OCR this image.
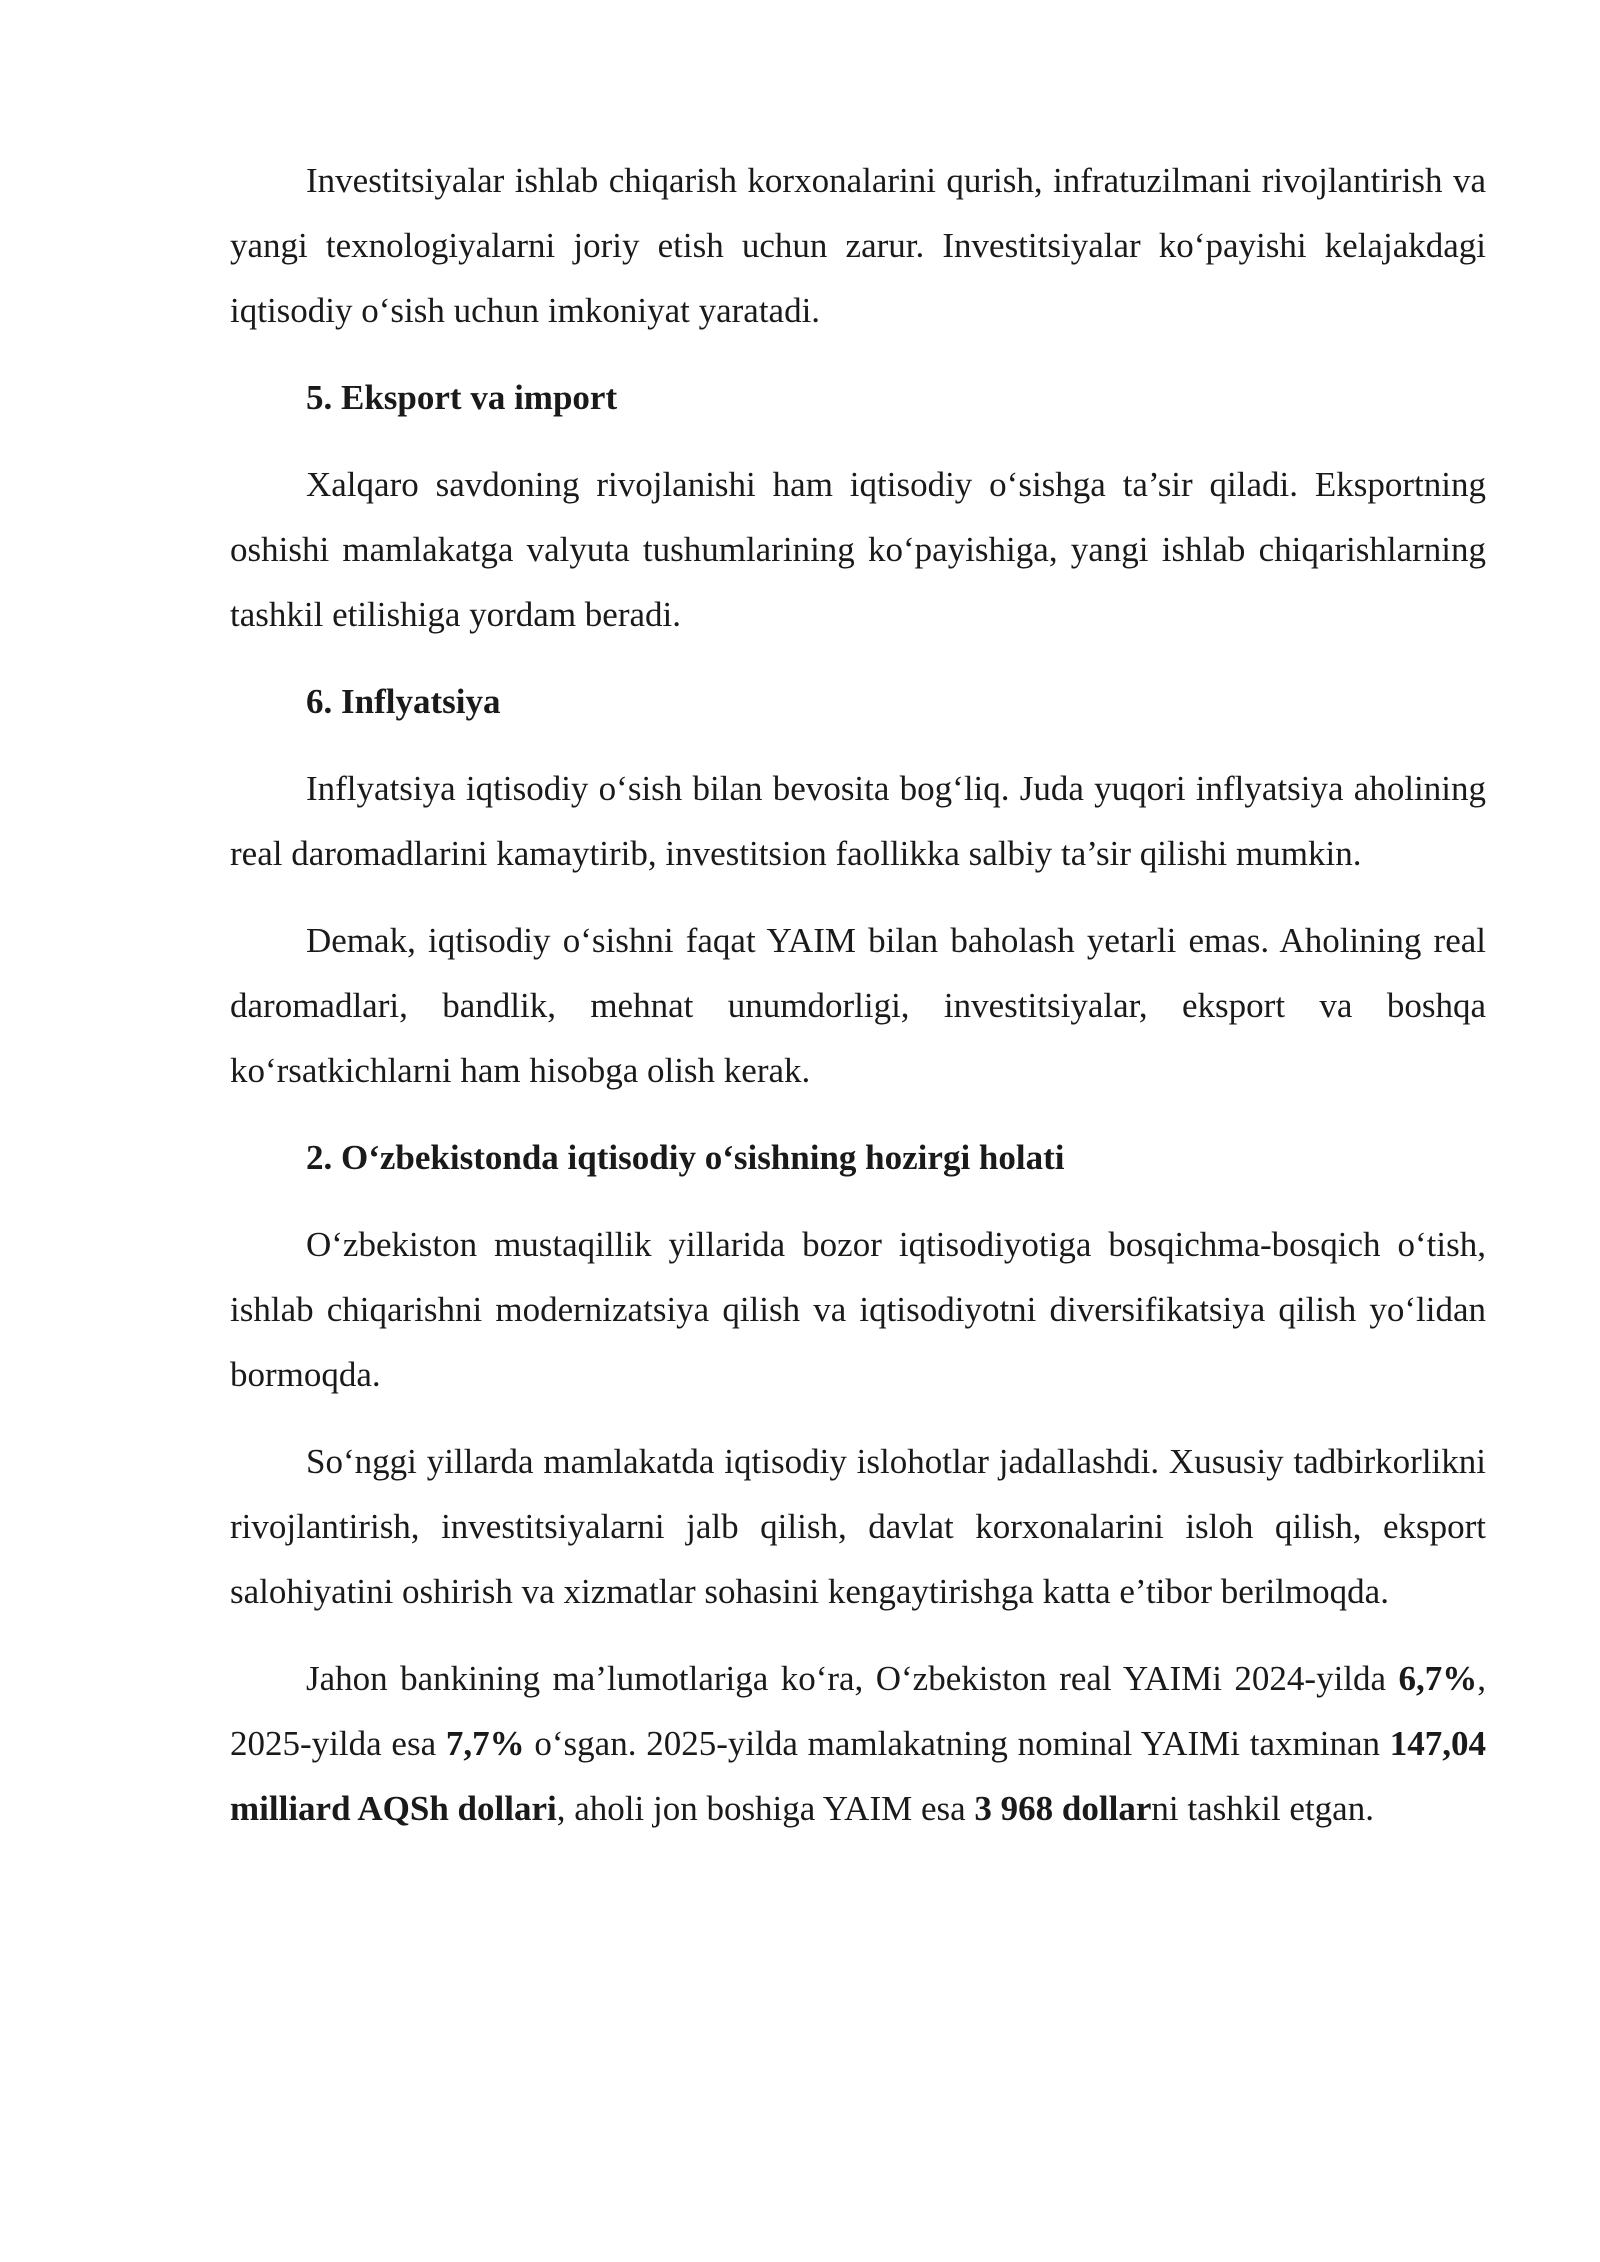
Investitsiyalar ishlab chiqarish korxonalarini qurish, infratuzilmani rivojlantirish va yangi texnologiyalarni joriy etish uchun zarur. Investitsiyalar ko‘payishi kelajakdagi iqtisodiy o‘sish uchun imkoniyat yaratadi.

5. Eksport va import

Xalqaro savdoning rivojlanishi ham iqtisodiy o‘sishga ta’sir qiladi. Eksportning oshishi mamlakatga valyuta tushumlarining ko‘payishiga, yangi ishlab chiqarishlarning tashkil etilishiga yordam beradi.

6. Inflyatsiya

Inflyatsiya iqtisodiy o‘sish bilan bevosita bog‘liq. Juda yuqori inflyatsiya aholining real daromadlarini kamaytirib, investitsion faollikka salbiy ta’sir qilishi mumkin.

Demak, iqtisodiy o‘sishni faqat YAIM bilan baholash yetarli emas. Aholining real daromadlari, bandlik, mehnat unumdorligi, investitsiyalar, eksport va boshqa ko‘rsatkichlarni ham hisobga olish kerak.

2. O‘zbekistonda iqtisodiy o‘sishning hozirgi holati

O‘zbekiston mustaqillik yillarida bozor iqtisodiyotiga bosqichma-bosqich o‘tish, ishlab chiqarishni modernizatsiya qilish va iqtisodiyotni diversifikatsiya qilish yo‘lidan bormoqda.

So‘nggi yillarda mamlakatda iqtisodiy islohotlar jadallashdi. Xususiy tadbirkorlikni rivojlantirish, investitsiyalarni jalb qilish, davlat korxonalarini isloh qilish, eksport salohiyatini oshirish va xizmatlar sohasini kengaytirishga katta e’tibor berilmoqda.

Jahon bankining ma’lumotlariga ko‘ra, O‘zbekiston real YAIMi 2024-yilda 6,7%, 2025-yilda esa 7,7% o‘sgan. 2025-yilda mamlakatning nominal YAIMi taxminan 147,04 milliard AQSh dollari, aholi jon boshiga YAIM esa 3 968 dollarni tashkil etgan.
